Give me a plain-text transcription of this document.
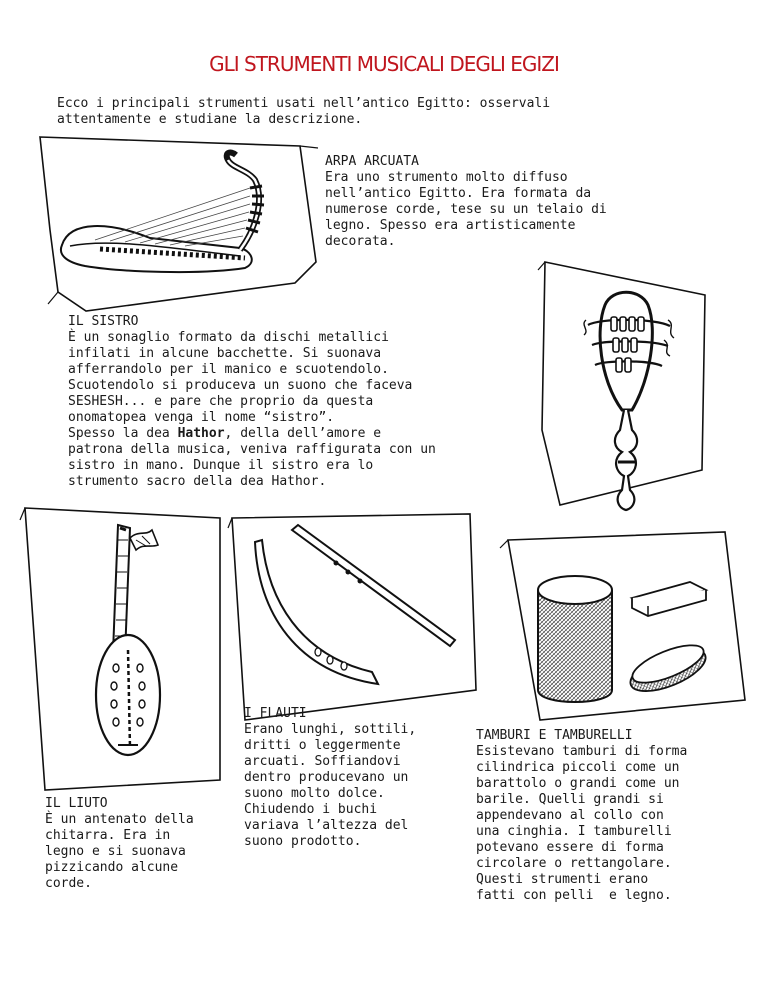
GLI STRUMENTI MUSICALI DEGLI EGIZI

Ecco i principali strumenti usati nell’antico Egitto: osservali
attentamente e studiane la descrizione.

ARPA ARCUATA
Era uno strumento molto diffuso
nell’antico Egitto. Era formata da
numerose corde, tese su un telaio di
legno. Spesso era artisticamente
decorata.
IL SISTRO
È un sonaglio formato da dischi metallici
infilati in alcune bacchette. Si suonava
afferrandolo per il manico e scuotendolo.
Scuotendolo si produceva un suono che faceva
SESHESH... e pare che proprio da questa
onomatopea venga il nome “sistro”.
Spesso la dea Hathor, della dell’amore e
patrona della musica, veniva raffigurata con un
sistro in mano. Dunque il sistro era lo
strumento sacro della dea Hathor.
IL LIUTO
È un antenato della
chitarra. Era in
legno e si suonava
pizzicando alcune
corde.
I FLAUTI
Erano lunghi, sottili,
dritti o leggermente
arcuati. Soffiandovi
dentro producevano un
suono molto dolce.
Chiudendo i buchi
variava l’altezza del
suono prodotto.
TAMBURI E TAMBURELLI
Esistevano tamburi di forma
cilindrica piccoli come un
barattolo o grandi come un
barile. Quelli grandi si
appendevano al collo con
una cinghia. I tamburelli
potevano essere di forma
circolare o rettangolare.
Questi strumenti erano
fatti con pelli  e legno.
